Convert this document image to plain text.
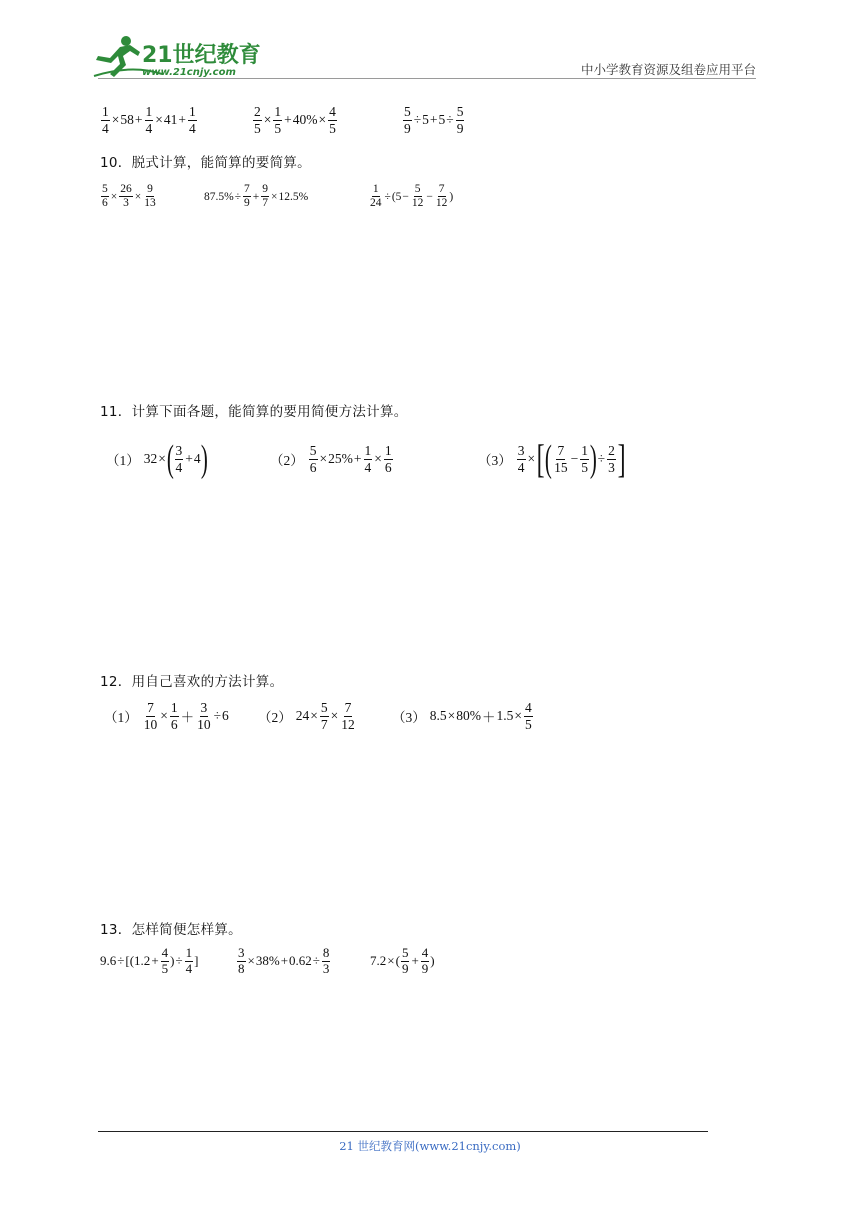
21世纪教育
www.21cnjy.com	中小学教育资源及组卷应用平台
$\frac{1}{4} \times 58 + \frac{1}{4} \times 41 + \frac{1}{4}$	$\frac{2}{5} \times \frac{1}{5} + 40\% \times \frac{4}{5}$	$\frac{5}{9} \div 5 + 5 \div \frac{5}{9}$
10．脱式计算，能简算的要简算。
$\frac{5}{6} \times \frac{26}{3} \times \frac{9}{13}$	$87.5\% \div \frac{7}{9} + \frac{9}{7} \times 12.5\%$	$\frac{1}{24} \div (5 - \frac{5}{12} - \frac{7}{12}$ )
11．计算下面各题，能简算的要用简便方法计算。
（1） 32 × ( $\frac{3}{4} + 4$ )	$(2) \frac{5}{6} \times 25\% + \frac{1}{4} \times \frac{1}{6}$	$(3) \frac{3}{4}$ × [ ( $\frac{7}{15} - \frac{1}{5}$ ) ÷ $\frac{2}{3}$ ]
12．用自己喜欢的方法计算。
$(1) \frac{7}{10} \times \frac{1}{6} + \frac{3}{10} \div 6$ （2） $24 \times \frac{5}{7} \times \frac{7}{12}$	（3） $8.5 \times 80\% + 1.5 \times \frac{4}{5}$
13．怎样简便怎样算。
$9.6 \div [(1.2 + \frac{4}{5}$ ) ÷ $\frac{1}{4}$ ]	$\frac{3}{8} \times 38\% + 0.62 \div \frac{8}{3}$	7.2 × ( $\frac{5}{9} + \frac{4}{9}$ )
21 世纪教育网(www.21cnjy.com)
